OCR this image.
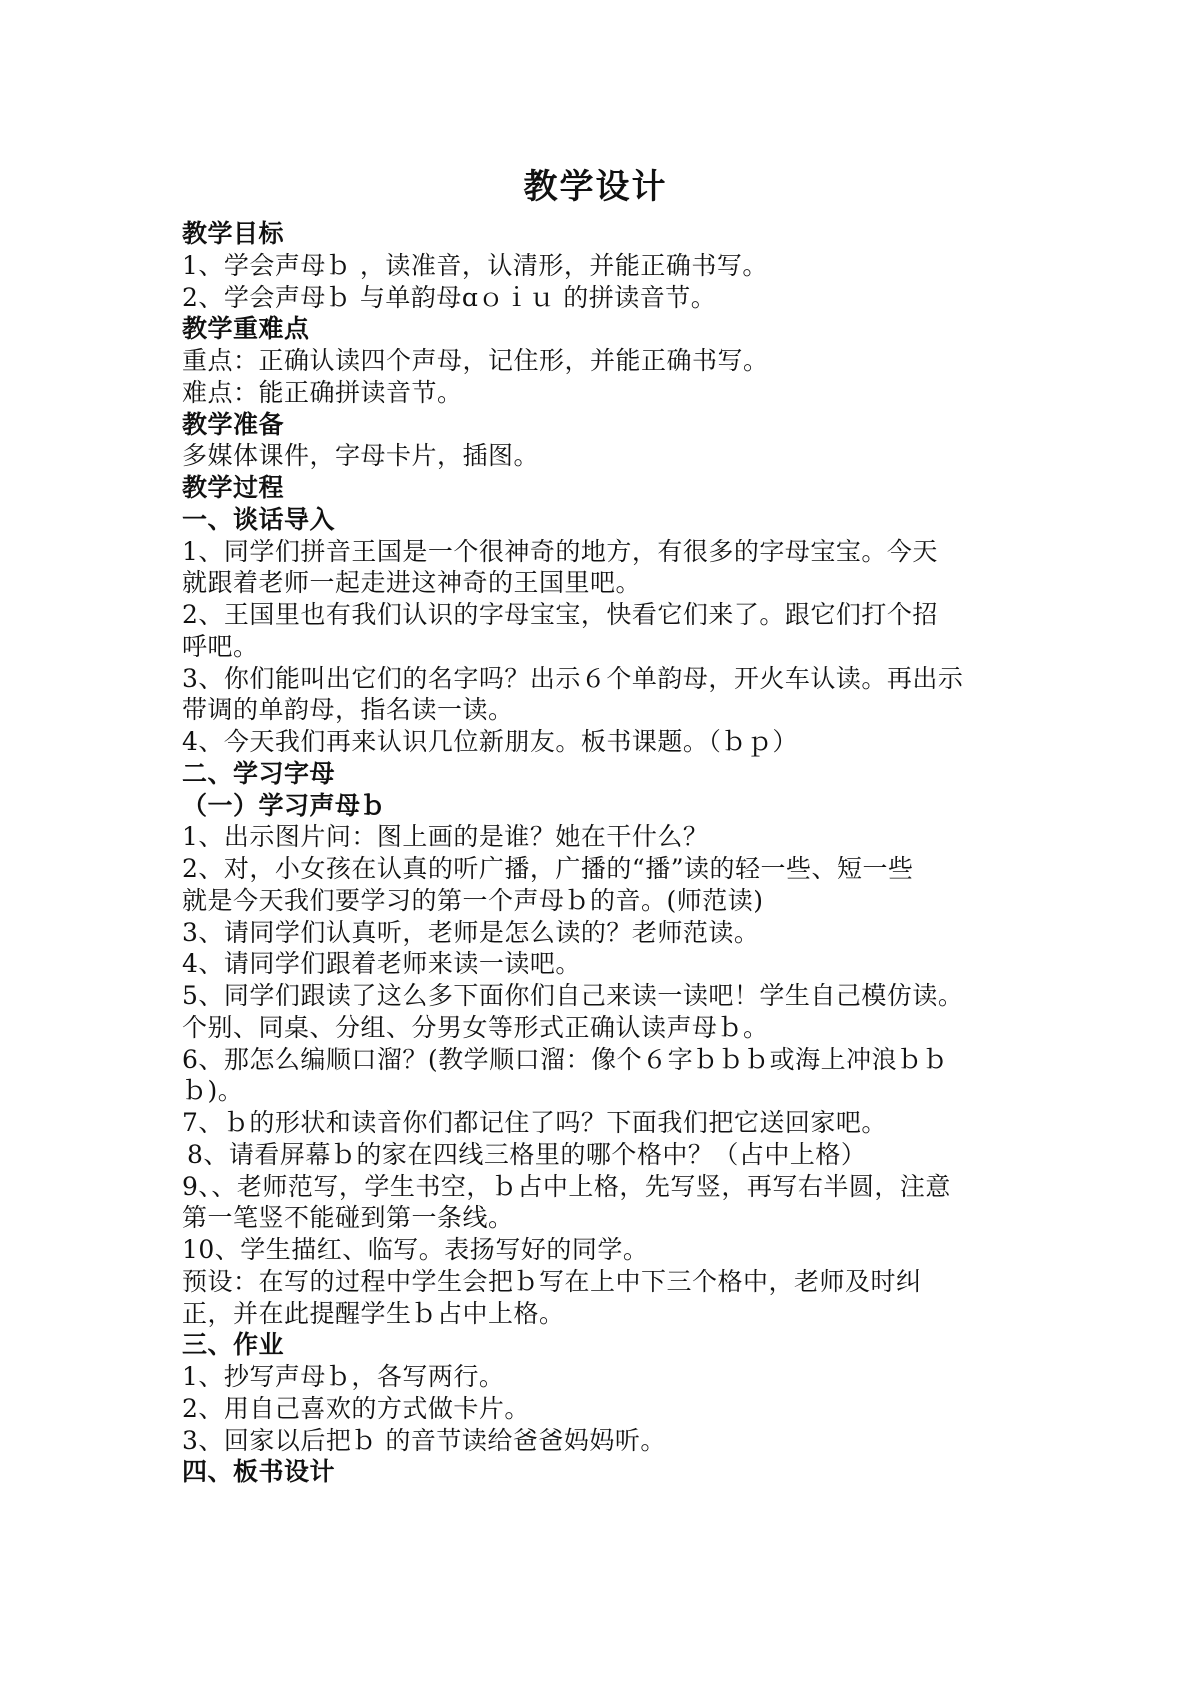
教学设计
教学目标
1、学会声母ｂ ，读准音，认清形，并能正确书写。
2、学会声母ｂ 与单韵母ɑｏｉｕ 的拼读音节。
教学重难点
重点：正确认读四个声母，记住形，并能正确书写。
难点：能正确拼读音节。
教学准备
多媒体课件，字母卡片，插图。
教学过程
一、谈话导入
1、同学们拼音王国是一个很神奇的地方，有很多的字母宝宝。今天
就跟着老师一起走进这神奇的王国里吧。
2、王国里也有我们认识的字母宝宝，快看它们来了。跟它们打个招
呼吧。
3、你们能叫出它们的名字吗？出示６个单韵母，开火车认读。再出示
带调的单韵母，指名读一读。
4、今天我们再来认识几位新朋友。板书课题。（ｂｐ）
二、学习字母
（一）学习声母ｂ
1、出示图片问：图上画的是谁？她在干什么？
2、对，小女孩在认真的听广播，广播的“播”读的轻一些、短一些
就是今天我们要学习的第一个声母ｂ的音。(师范读)
3、请同学们认真听，老师是怎么读的？老师范读。
4、请同学们跟着老师来读一读吧。
5、同学们跟读了这么多下面你们自己来读一读吧！学生自己模仿读。
个别、同桌、分组、分男女等形式正确认读声母ｂ。
6、那怎么编顺口溜？(教学顺口溜：像个６字ｂｂｂ或海上冲浪ｂｂ
ｂ)。
7、ｂ的形状和读音你们都记住了吗？下面我们把它送回家吧。
8、请看屏幕ｂ的家在四线三格里的哪个格中？（占中上格）
9、、老师范写，学生书空，ｂ占中上格，先写竖，再写右半圆，注意
第一笔竖不能碰到第一条线。
10、学生描红、临写。表扬写好的同学。
预设：在写的过程中学生会把ｂ写在上中下三个格中，老师及时纠
正，并在此提醒学生ｂ占中上格。
三、作业
1、抄写声母ｂ，各写两行。
2、用自己喜欢的方式做卡片。
3、回家以后把ｂ 的音节读给爸爸妈妈听。
四、板书设计
